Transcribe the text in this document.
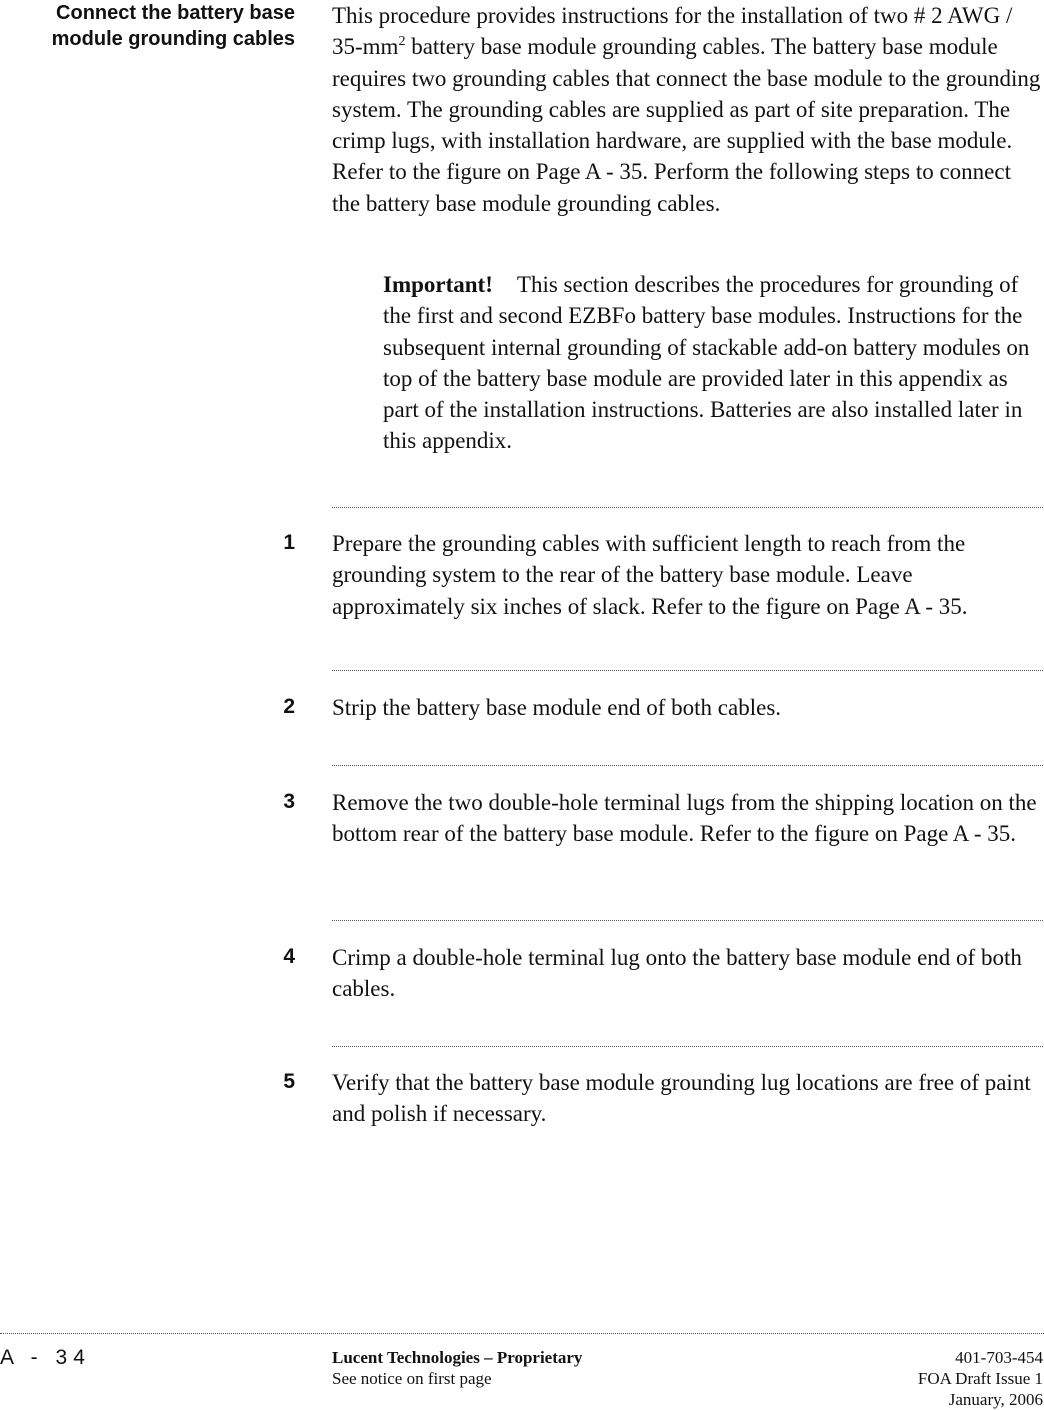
Connect the battery base
module grounding cables

This procedure provides instructions for the installation of two # 2 AWG / $35-mm^2$ battery base module grounding cables. The battery base module requires two grounding cables that connect the base module to the grounding system. The grounding cables are supplied as part of site preparation. The crimp lugs, with installation hardware, are supplied with the base module. Refer to the figure on Page A - 35. Perform the following steps to connect the battery base module grounding cables.

Important! This section describes the procedures for grounding of the first and second EZBFo battery base modules. Instructions for the subsequent internal grounding of stackable add-on battery modules on top of the battery base module are provided later in this appendix as part of the installation instructions. Batteries are also installed later in this appendix.

1 Prepare the grounding cables with sufficient length to reach from the grounding system to the rear of the battery base module. Leave approximately six inches of slack. Refer to the figure on Page A - 35.

2 Strip the battery base module end of both cables.

3 Remove the two double-hole terminal lugs from the shipping location on the bottom rear of the battery base module. Refer to the figure on Page A - 35.

4 Crimp a double-hole terminal lug onto the battery base module end of both cables.

5 Verify that the battery base module grounding lug locations are free of paint and polish if necessary.

A - 34	Lucent Technologies – Proprietary
See notice on first page
401-703-454
FOA Draft Issue 1
January, 2006
